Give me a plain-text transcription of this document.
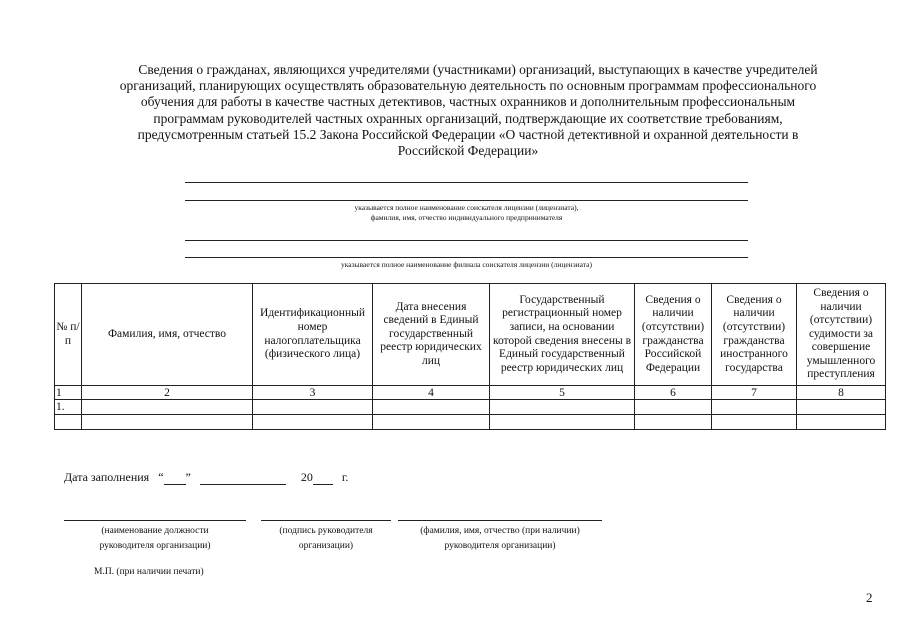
Сведения о гражданах, являющихся учредителями (участниками) организаций, выступающих в качестве учредителей
организаций, планирующих осуществлять образовательную деятельность по основным программам профессионального
обучения для работы в качестве частных детективов, частных охранников и дополнительным профессиональным
программам руководителей частных охранных организаций, подтверждающие их соответствие требованиям,
предусмотренным статьей 15.2 Закона Российской Федерации «О частной детективной и охранной деятельности в
Российской Федерации»
указывается полное наименование соискателя лицензии (лицензиата),
фамилия, имя, отчество индивидуального предпринимателя
указывается полное наименование филиала соискателя лицензии (лицензиата)
№ п/п	Фамилия, имя, отчество	Идентификационный номер налогоплательщика (физического лица)	Дата внесения сведений в Единый государственный реестр юридических лиц	Государственный регистрационный номер записи, на основании которой сведения внесены в Единый государственный реестр юридических лиц	Сведения о наличии (отсутствии) гражданства Российской Федерации	Сведения о наличии (отсутствии) гражданства иностранного государства	Сведения о наличии (отсутствии) судимости за совершение умышленного преступления
1	2	3	4	5	6	7	8
1.							

Дата заполнения “ ”	20 г.
(наименование должности
руководителя организации)
(подпись руководителя
организации)
(фамилия, имя, отчество (при наличии)
руководителя организации)
М.П. (при наличии печати)
2
